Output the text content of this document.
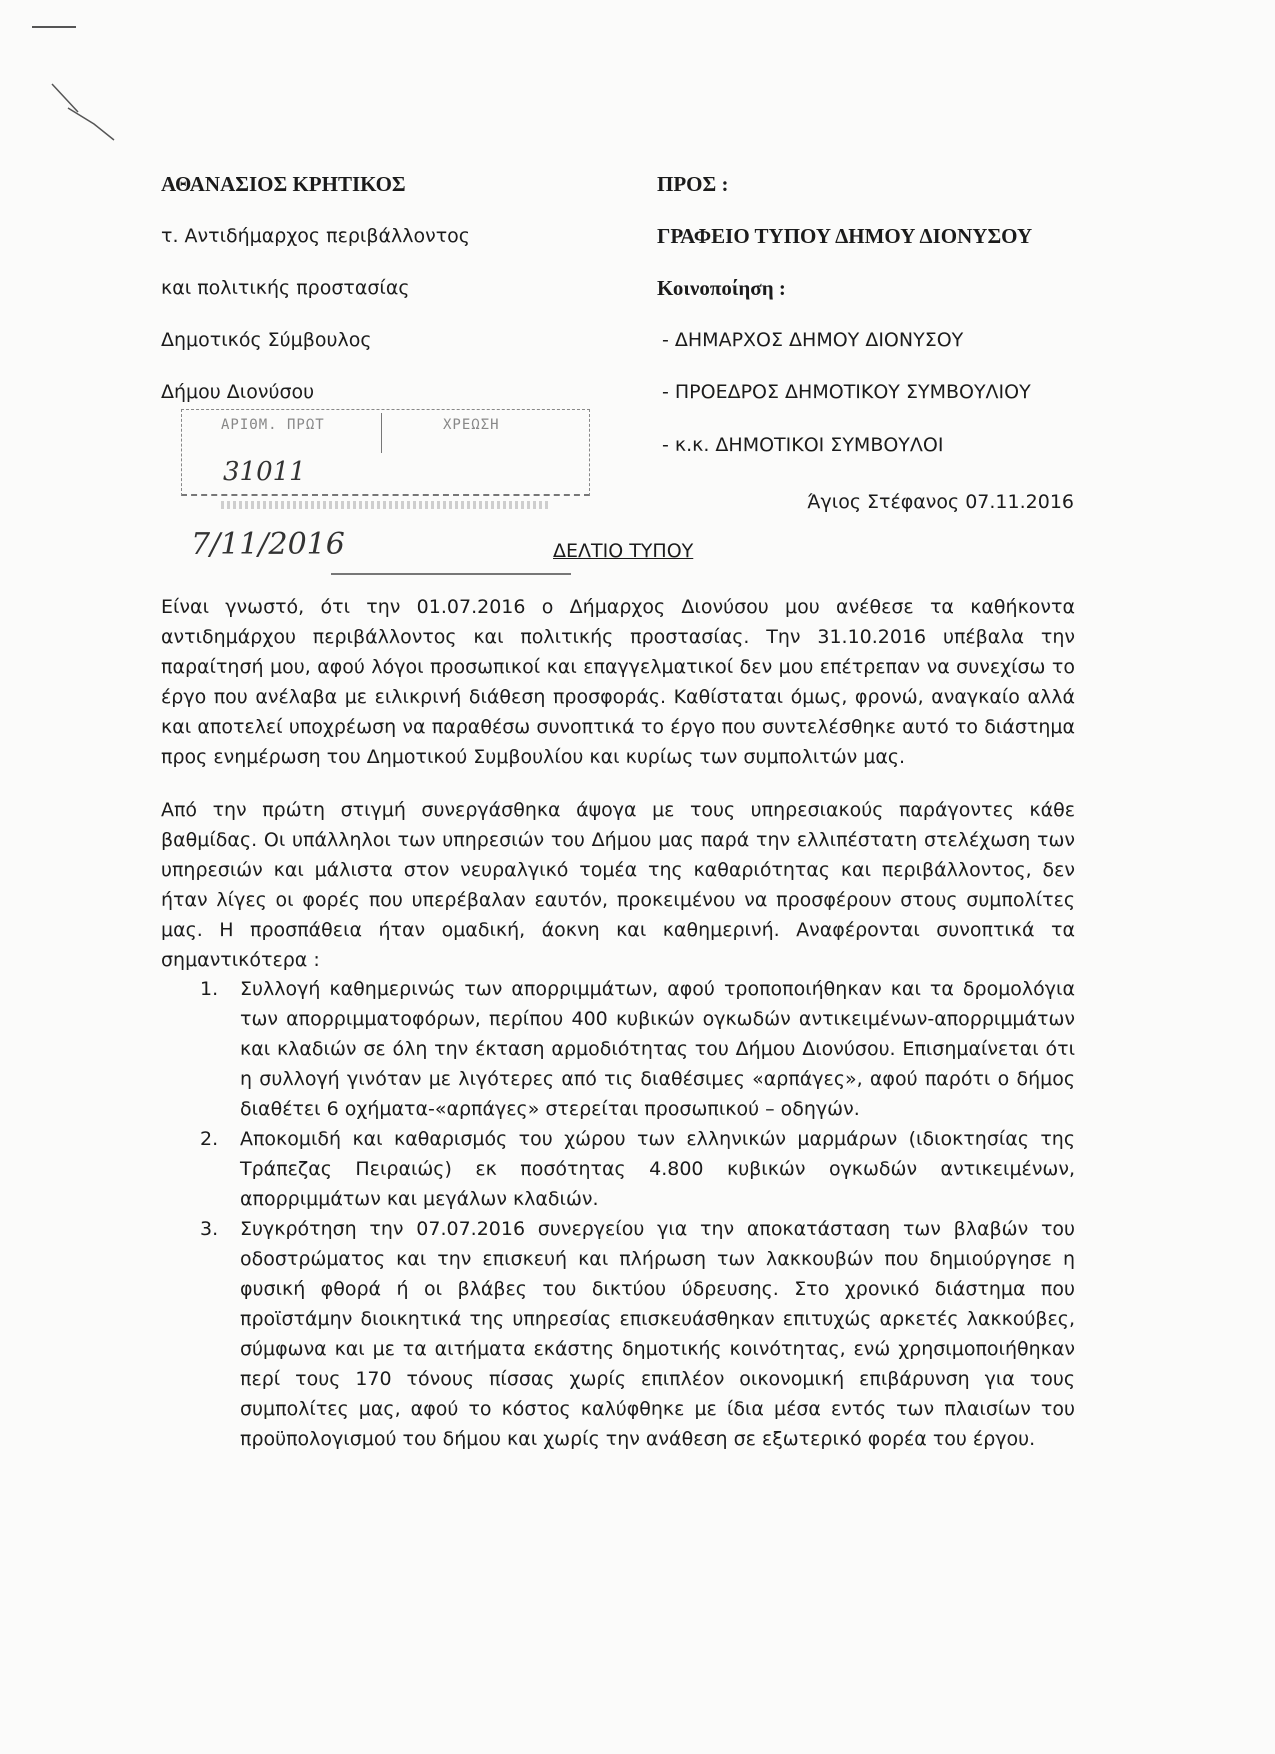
ΑΘΑΝΑΣΙΟΣ ΚΡΗΤΙΚΟΣ
τ. Αντιδήμαρχος περιβάλλοντος
και πολιτικής προστασίας
Δημοτικός Σύμβουλος
Δήμου Διονύσου
ΠΡΟΣ :
ΓΡΑΦΕΙΟ ΤΥΠΟΥ ΔΗΜΟΥ ΔΙΟΝΥΣΟΥ
Κοινοποίηση :
- ΔΗΜΑΡΧΟΣ ΔΗΜΟΥ ΔΙΟΝΥΣΟΥ
- ΠΡΟΕΔΡΟΣ ΔΗΜΟΤΙΚΟΥ ΣΥΜΒΟΥΛΙΟΥ
- κ.κ. ΔΗΜΟΤΙΚΟΙ ΣΥΜΒΟΥΛΟΙ
Άγιος Στέφανος 07.11.2016
ΑΡΙΘΜ. ΠΡΩΤ	ΧΡΕΩΣΗ
31011
7/11/2016	ΔΕΛΤΙΟ ΤΥΠΟΥ

Είναι γνωστό, ότι την 01.07.2016 ο Δήμαρχος Διονύσου μου ανέθεσε τα καθήκοντα αντιδημάρχου περιβάλλοντος και πολιτικής προστασίας. Την 31.10.2016 υπέβαλα την παραίτησή μου, αφού λόγοι προσωπικοί και επαγγελματικοί δεν μου επέτρεπαν να συνεχίσω το έργο που ανέλαβα με ειλικρινή διάθεση προσφοράς. Καθίσταται όμως, φρονώ, αναγκαίο αλλά και αποτελεί υποχρέωση να παραθέσω συνοπτικά το έργο που συντελέσθηκε αυτό το διάστημα προς ενημέρωση του Δημοτικού Συμβουλίου και κυρίως των συμπολιτών μας.

Από την πρώτη στιγμή συνεργάσθηκα άψογα με τους υπηρεσιακούς παράγοντες κάθε βαθμίδας. Οι υπάλληλοι των υπηρεσιών του Δήμου μας παρά την ελλιπέστατη στελέχωση των υπηρεσιών και μάλιστα στον νευραλγικό τομέα της καθαριότητας και περιβάλλοντος, δεν ήταν λίγες οι φορές που υπερέβαλαν εαυτόν, προκειμένου να προσφέρουν στους συμπολίτες μας. Η προσπάθεια ήταν ομαδική, άοκνη και καθημερινή. Αναφέρονται συνοπτικά τα σημαντικότερα :

1. Συλλογή καθημερινώς των απορριμμάτων, αφού τροποποιήθηκαν και τα δρομολόγια των απορριμματοφόρων, περίπου 400 κυβικών ογκωδών αντικειμένων-απορριμμάτων και κλαδιών σε όλη την έκταση αρμοδιότητας του Δήμου Διονύσου. Επισημαίνεται ότι η συλλογή γινόταν με λιγότερες από τις διαθέσιμες «αρπάγες», αφού παρότι ο δήμος διαθέτει 6 οχήματα-«αρπάγες» στερείται προσωπικού – οδηγών.
2. Αποκομιδή και καθαρισμός του χώρου των ελληνικών μαρμάρων (ιδιοκτησίας της Τράπεζας Πειραιώς) εκ ποσότητας 4.800 κυβικών ογκωδών αντικειμένων, απορριμμάτων και μεγάλων κλαδιών.
3. Συγκρότηση την 07.07.2016 συνεργείου για την αποκατάσταση των βλαβών του οδοστρώματος και την επισκευή και πλήρωση των λακκουβών που δημιούργησε η φυσική φθορά ή οι βλάβες του δικτύου ύδρευσης. Στο χρονικό διάστημα που προϊστάμην διοικητικά της υπηρεσίας επισκευάσθηκαν επιτυχώς αρκετές λακκούβες, σύμφωνα και με τα αιτήματα εκάστης δημοτικής κοινότητας, ενώ χρησιμοποιήθηκαν περί τους 170 τόνους πίσσας χωρίς επιπλέον οικονομική επιβάρυνση για τους συμπολίτες μας, αφού το κόστος καλύφθηκε με ίδια μέσα εντός των πλαισίων του προϋπολογισμού του δήμου και χωρίς την ανάθεση σε εξωτερικό φορέα του έργου.
